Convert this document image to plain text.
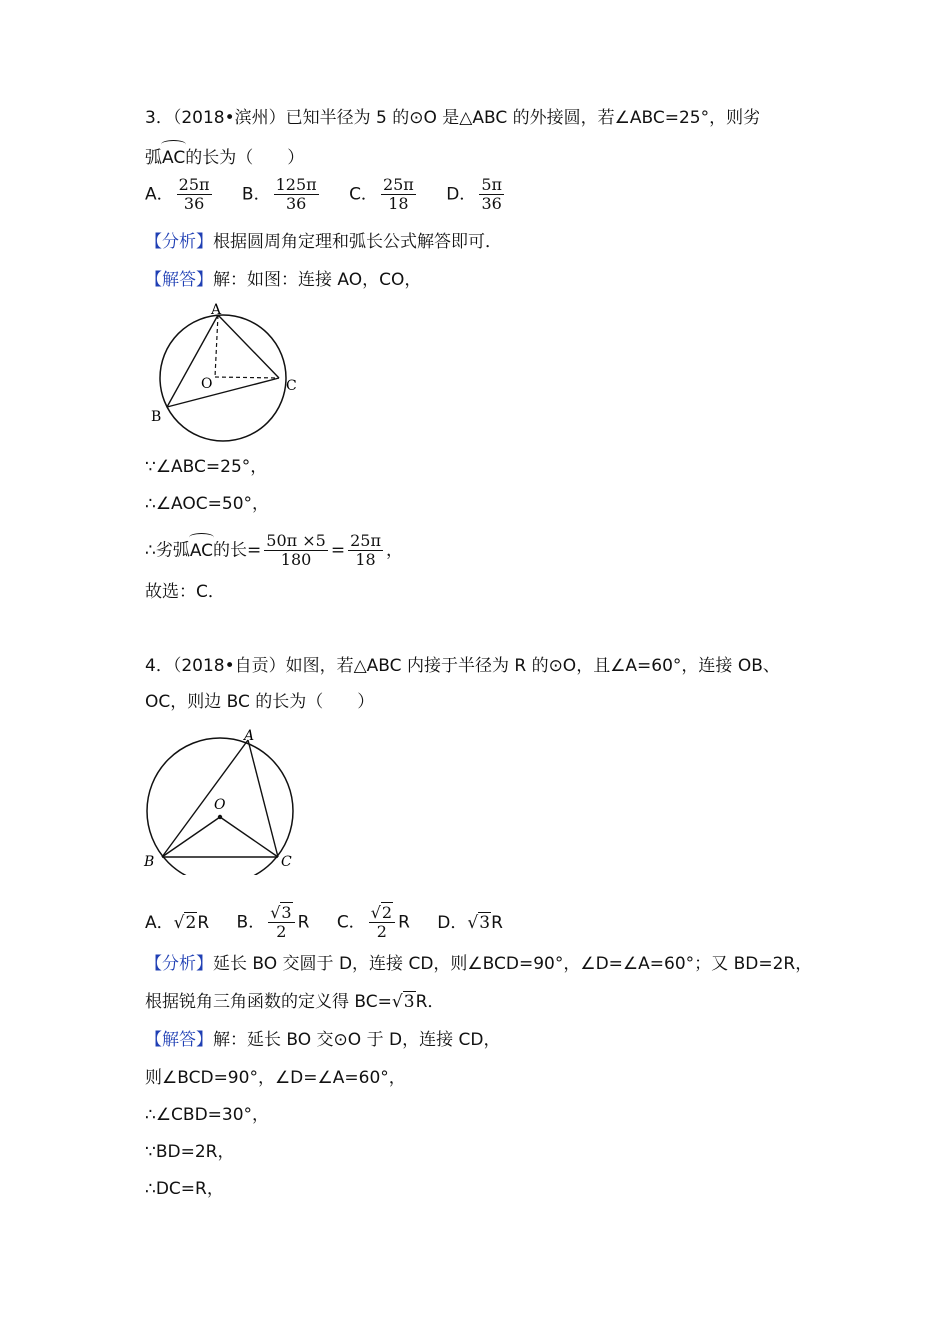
3．（2018•滨州）已知半径为 5 的⊙O 是△ABC 的外接圆，若∠ABC=25°，则劣
弧
AC的长为（　　）
A． $\frac{25\pi}{36}$ B． $\frac{125\pi}{36}$ C． $\frac{25\pi}{18}$ D． $\frac{5\pi}{36}$
【分析】根据圆周角定理和弧长公式解答即可．
【解答】解：如图：连接 AO，CO，
A
B
C
O
∵∠ABC=25°，
∴∠AOC=50°，
∴劣弧
AC的长= $\frac{50\pi \times 5}{180} = \frac{25\pi}{18}$ ，
故选：C．
4．（2018•自贡）如图，若△ABC 内接于半径为 R 的⊙O，且∠A=60°，连接 OB、
OC，则边 BC 的长为（　　）
A
B	C
O
A．√2R B． $\frac{√3}{2}$ R C． $\frac{√2}{2}$ R D．√3R
【分析】延长 BO 交圆于 D，连接 CD，则∠BCD=90°，∠D=∠A=60°；又 BD=2R，
根据锐角三角函数的定义得 BC=√3R．
【解答】解：延长 BO 交⊙O 于 D，连接 CD，
则∠BCD=90°，∠D=∠A=60°，
∴∠CBD=30°，
∵BD=2R，
∴DC=R，
